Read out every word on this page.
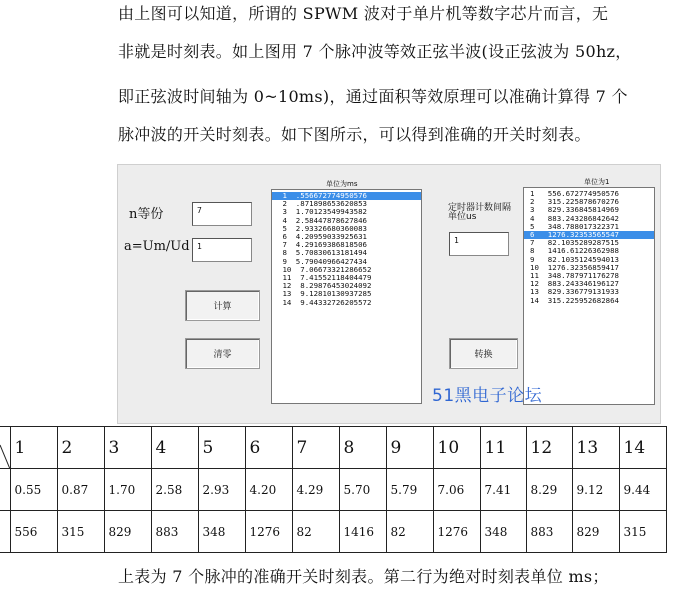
由上图可以知道，所谓的 SPWM 波对于单片机等数字芯片而言，无
非就是时刻表。如上图用 7 个脉冲波等效正弦半波(设正弦波为 50hz，
即正弦波时间轴为 0~10ms)，通过面积等效原理可以准确计算得 7 个
脉冲波的开关时刻表。如下图所示，可以得到准确的开关时刻表。
n等份	7
a=Um/Ud 1
计算
清零
单位为ms
1  .556672774950576
2  .871898653620853
3  1.70123549943582
4  2.58447878627846
5  2.93326680360083
6  4.20959033925631
7  4.29169386818506
8  5.70830613181494
9  5.79040966427434
10  7.06673321286652
11  7.41552118404479
12  8.29876453024092
13  9.12810130937285
14  9.44332726205572
定时器计数间隔
单位us
1
转换
单位为1
1   556.672774950576
2   315.225878670276
3   829.336845814969
4   883.243286842642
5   348.788017322371
6   1276.32353565547
7   82.1035289287515
8   1416.61226362988
9   82.1035124594013
10  1276.32356859417
11  348.787971176278
12  883.243346196127
13  829.336779131933
14  315.225952682864
51黑电子论坛
	1	2	3	4	5	6	7	8	9	10	11	12	13	14
	0.55	0.87	1.70	2.58	2.93	4.20	4.29	5.70	5.79	7.06	7.41	8.29	9.12	9.44
	556	315	829	883	348	1276	82	1416	82	1276	348	883	829	315
上表为 7 个脉冲的准确开关时刻表。第二行为绝对时刻表单位 ms；
